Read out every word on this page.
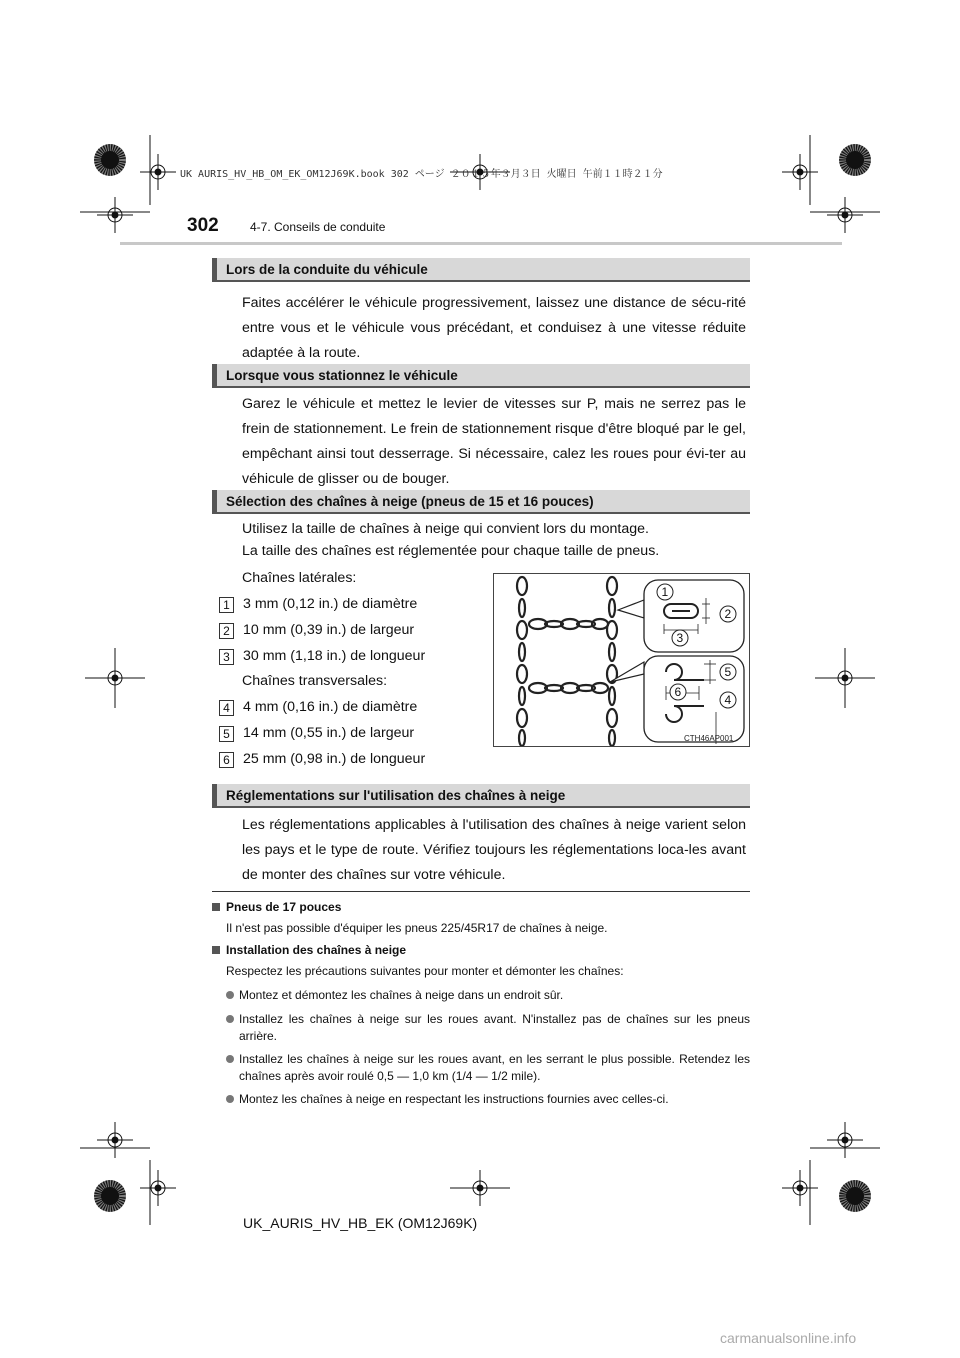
UK AURIS_HV_HB_OM_EK_OM12J69K.book 302 ページ ２０１５年３月３日 火曜日 午前１１時２１分
302	4-7. Conseils de conduite
Lors de la conduite du véhicule
Faites accélérer le véhicule progressivement, laissez une distance de sécu-rité entre vous et le véhicule vous précédant, et conduisez à une vitesse réduite adaptée à la route.
Lorsque vous stationnez le véhicule
Garez le véhicule et mettez le levier de vitesses sur P, mais ne serrez pas le frein de stationnement. Le frein de stationnement risque d'être bloqué par le gel, empêchant ainsi tout desserrage. Si nécessaire, calez les roues pour évi-ter au véhicule de glisser ou de bouger.
Sélection des chaînes à neige (pneus de 15 et 16 pouces)
Utilisez la taille de chaînes à neige qui convient lors du montage.
La taille des chaînes est réglementée pour chaque taille de pneus.
Chaînes latérales:
1 3 mm (0,12 in.) de diamètre
2 10 mm (0,39 in.) de largeur
3 30 mm (1,18 in.) de longueur
Chaînes transversales:
4 4 mm (0,16 in.) de diamètre
5 14 mm (0,55 in.) de largeur
6 25 mm (0,98 in.) de longueur
1
2
3
5
6
4
CTH46AP001
Réglementations sur l'utilisation des chaînes à neige
Les réglementations applicables à l'utilisation des chaînes à neige varient selon les pays et le type de route. Vérifiez toujours les réglementations loca-les avant de monter des chaînes sur votre véhicule.
Pneus de 17 pouces
Il n'est pas possible d'équiper les pneus 225/45R17 de chaînes à neige.
Installation des chaînes à neige
Respectez les précautions suivantes pour monter et démonter les chaînes:
Montez et démontez les chaînes à neige dans un endroit sûr.
Installez les chaînes à neige sur les roues avant. N'installez pas de chaînes sur les pneus arrière.
Installez les chaînes à neige sur les roues avant, en les serrant le plus possible. Retendez les chaînes après avoir roulé 0,5 — 1,0 km (1/4 — 1/2 mile).
Montez les chaînes à neige en respectant les instructions fournies avec celles-ci.
UK_AURIS_HV_HB_EK (OM12J69K)
carmanualsonline.info
